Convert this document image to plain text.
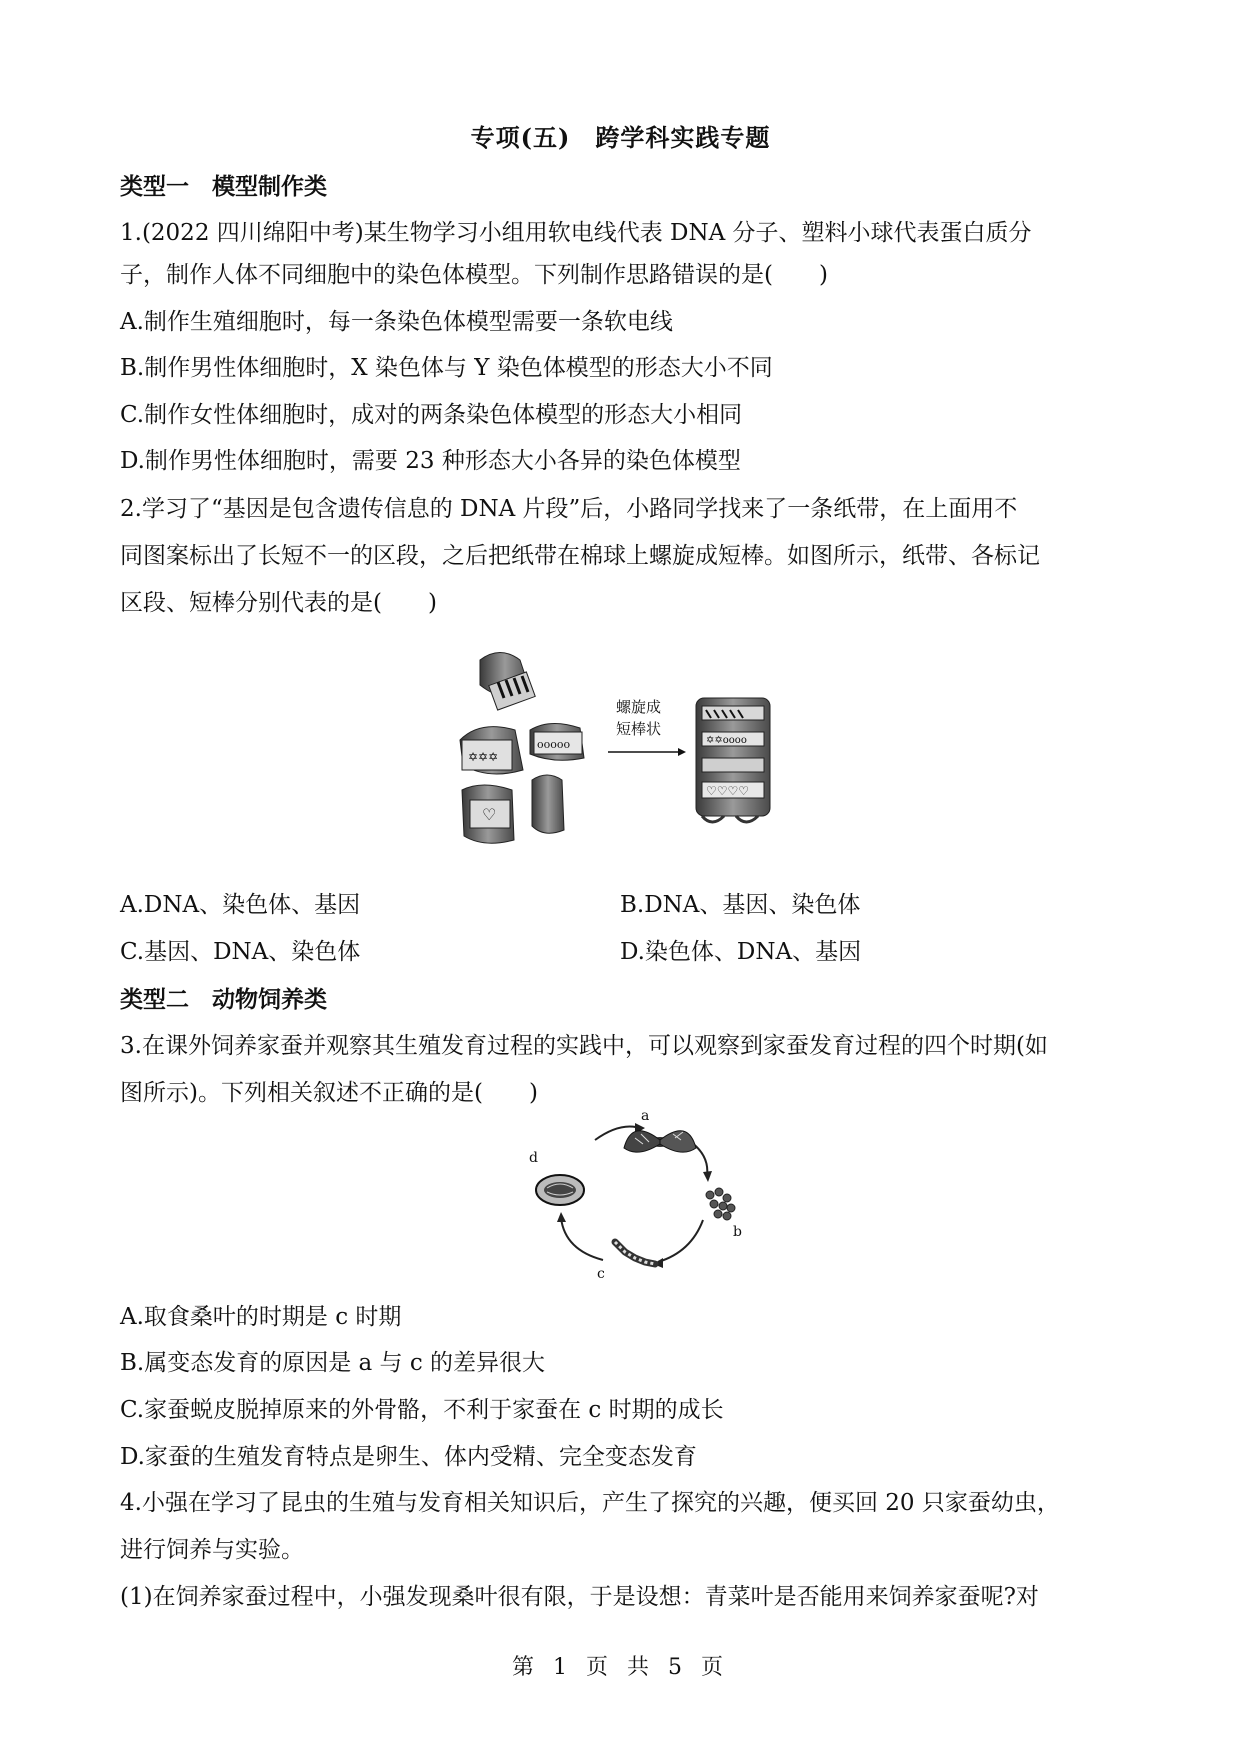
专项(五)　跨学科实践专题
类型一　模型制作类
1.(2022 四川绵阳中考)某生物学习小组用软电线代表 DNA 分子、塑料小球代表蛋白质分
子，制作人体不同细胞中的染色体模型。下列制作思路错误的是(　　)
A.制作生殖细胞时，每一条染色体模型需要一条软电线
B.制作男性体细胞时，X 染色体与 Y 染色体模型的形态大小不同
C.制作女性体细胞时，成对的两条染色体模型的形态大小相同
D.制作男性体细胞时，需要 23 种形态大小各异的染色体模型
2.学习了“基因是包含遗传信息的 DNA 片段”后，小路同学找来了一条纸带，在上面用不
同图案标出了长短不一的区段，之后把纸带在棉球上螺旋成短棒。如图所示，纸带、各标记
区段、短棒分别代表的是(　　)
✡✡✡
ooooo
♡
螺旋成
短棒状
✡✡oooo
♡♡♡♡
A.DNA、染色体、基因	B.DNA、基因、染色体
C.基因、DNA、染色体	D.染色体、DNA、基因
类型二　动物饲养类
3.在课外饲养家蚕并观察其生殖发育过程的实践中，可以观察到家蚕发育过程的四个时期(如
图所示)。下列相关叙述不正确的是(　　)
a
b
c
d
A.取食桑叶的时期是 c 时期
B.属变态发育的原因是 a 与 c 的差异很大
C.家蚕蜕皮脱掉原来的外骨骼，不利于家蚕在 c 时期的成长
D.家蚕的生殖发育特点是卵生、体内受精、完全变态发育
4.小强在学习了昆虫的生殖与发育相关知识后，产生了探究的兴趣，便买回 20 只家蚕幼虫，
进行饲养与实验。
(1)在饲养家蚕过程中，小强发现桑叶很有限，于是设想：青菜叶是否能用来饲养家蚕呢?对
第 1 页 共 5 页
